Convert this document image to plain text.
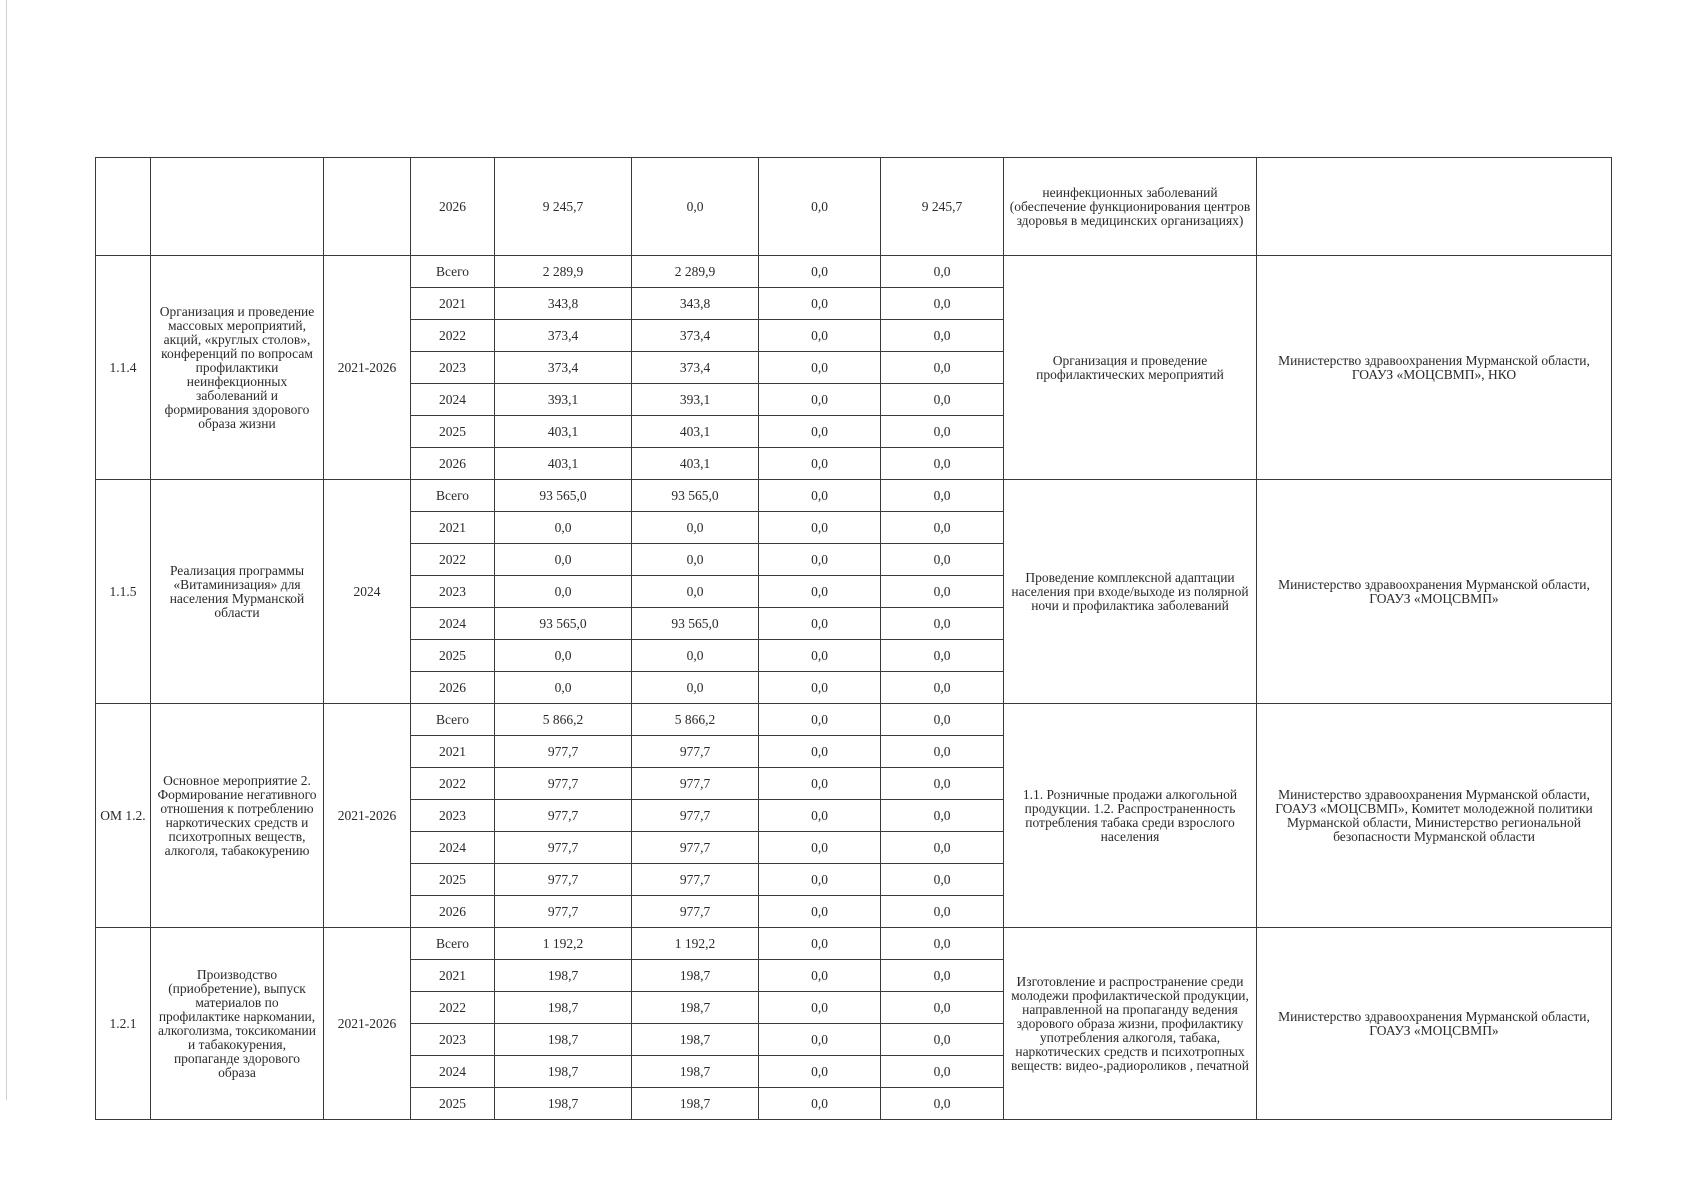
			2026	9 245,7	0,0	0,0	9 245,7	неинфекционных заболеваний (обеспечение функционирования центров здоровья в медицинских организациях)	
1.1.4	Организация и проведение массовых мероприятий, акций, «круглых столов», конференций по вопросам профилактики неинфекционных заболеваний и формирования здорового образа жизни	2021-2026	Всего	2 289,9	2 289,9	0,0	0,0	Организация и проведение профилактических мероприятий	Министерство здравоохранения Мурманской области, ГОАУЗ «МОЦСВМП», НКО
			2021	343,8	343,8	0,0	0,0		
			2022	373,4	373,4	0,0	0,0		
			2023	373,4	373,4	0,0	0,0		
			2024	393,1	393,1	0,0	0,0		
			2025	403,1	403,1	0,0	0,0		
			2026	403,1	403,1	0,0	0,0		
1.1.5	Реализация программы «Витаминизация» для населения Мурманской области	2024	Всего	93 565,0	93 565,0	0,0	0,0	Проведение комплексной адаптации населения при входе/выходе из полярной ночи и профилактика заболеваний	Министерство здравоохранения Мурманской области, ГОАУЗ «МОЦСВМП»
			2021	0,0	0,0	0,0	0,0		
			2022	0,0	0,0	0,0	0,0		
			2023	0,0	0,0	0,0	0,0		
			2024	93 565,0	93 565,0	0,0	0,0		
			2025	0,0	0,0	0,0	0,0		
			2026	0,0	0,0	0,0	0,0		
ОМ 1.2.	Основное мероприятие 2. Формирование негативного отношения к потреблению наркотических средств и психотропных веществ, алкоголя, табакокурению	2021-2026	Всего	5 866,2	5 866,2	0,0	0,0	1.1. Розничные продажи алкогольной продукции. 1.2. Распространенность потребления табака среди взрослого населения	Министерство здравоохранения Мурманской области, ГОАУЗ «МОЦСВМП», Комитет молодежной политики Мурманской области, Министерство региональной безопасности Мурманской области
			2021	977,7	977,7	0,0	0,0		
			2022	977,7	977,7	0,0	0,0		
			2023	977,7	977,7	0,0	0,0		
			2024	977,7	977,7	0,0	0,0		
			2025	977,7	977,7	0,0	0,0		
			2026	977,7	977,7	0,0	0,0		
1.2.1	Производство (приобретение), выпуск материалов по профилактике наркомании, алкоголизма, токсикомании и табакокурения, пропаганде здорового образа	2021-2026	Всего	1 192,2	1 192,2	0,0	0,0	Изготовление и распространение среди молодежи профилактической продукции, направленной на пропаганду ведения здорового образа жизни, профилактику употребления алкоголя, табака, наркотических средств и психотропных веществ: видео-,радиороликов , печатной	Министерство здравоохранения Мурманской области, ГОАУЗ «МОЦСВМП»
			2021	198,7	198,7	0,0	0,0		
			2022	198,7	198,7	0,0	0,0		
			2023	198,7	198,7	0,0	0,0		
			2024	198,7	198,7	0,0	0,0		
			2025	198,7	198,7	0,0	0,0		
